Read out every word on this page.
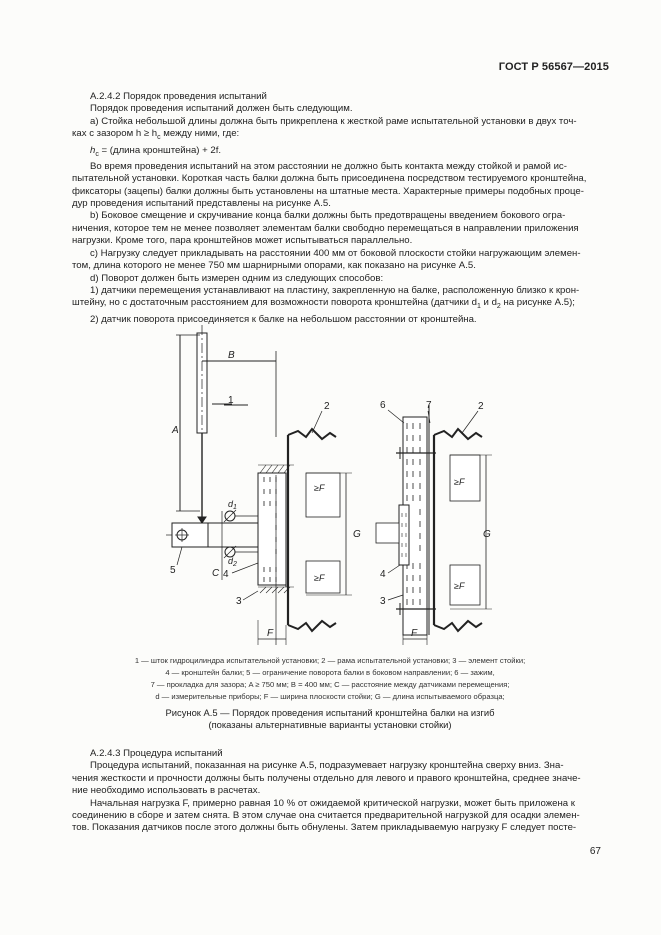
ГОСТ Р 56567—2015

А.2.4.2 Порядок проведения испытаний

Порядок проведения испытаний должен быть следующим.

а) Стойка небольшой длины должна быть прикреплена к жесткой раме испытательной установки в двух точ-

ках с зазором $h \ge h_c$ между ними, где:

$h_c$ = (длина кронштейна) + 2f.

Во время проведения испытаний на этом расстоянии не должно быть контакта между стойкой и рамой ис-

пытательной установки. Короткая часть балки должна быть присоединена посредством тестируемого кронштейна,

фиксаторы (зацепы) балки должны быть установлены на штатные места. Характерные примеры подобных проце-

дур проведения испытаний представлены на рисунке А.5.

b) Боковое смещение и скручивание конца балки должны быть предотвращены введением бокового огра-

ничения, которое тем не менее позволяет элементам балки свободно перемещаться в направлении приложения

нагрузки. Кроме того, пара кронштейнов может испытываться параллельно.

c) Нагрузку следует прикладывать на расстоянии 400 мм от боковой плоскости стойки нагружающим элемен-

том, длина которого не менее 750 мм шарнирными опорами, как показано на рисунке А.5.

d) Поворот должен быть измерен одним из следующих способов:

1) датчики перемещения устанавливают на пластину, закрепленную на балке, расположенную близко к крон-

штейну, но с достаточным расстоянием для возможности поворота кронштейна (датчики $d_1$ и $d_2$ на рисунке А.5);

2) датчик поворота присоединяется к балке на небольшом расстоянии от кронштейна.

1
B
A
5
$d_1$
$d_2$
C 4
3
2
≥F
≥F
G
F
6	7
4
3
2
≥F
≥F
G
F
1 — шток гидроцилиндра испытательной установки; 2 — рама испытательной установки; 3 — элемент стойки;
4 — кронштейн балки; 5 — ограничение поворота балки в боковом направлении; 6 — зажим,
7 — прокладка для зазора; A ≥ 750 мм; B = 400 мм; C — расстояние между датчиками перемещения;
d — измерительные приборы; F — ширина плоскости стойки; G — длина испытываемого образца;
Рисунок А.5 — Порядок проведения испытаний кронштейна балки на изгиб
(показаны альтернативные варианты установки стойки)

А.2.4.3 Процедура испытаний

Процедура испытаний, показанная на рисунке А.5, подразумевает нагрузку кронштейна сверху вниз. Зна-

чения жесткости и прочности должны быть получены отдельно для левого и правого кронштейна, среднее значе-

ние необходимо использовать в расчетах.

Начальная нагрузка F, примерно равная 10 % от ожидаемой критической нагрузки, может быть приложена к

соединению в сборе и затем снята. В этом случае она считается предварительной нагрузкой для осадки элемен-

тов. Показания датчиков после этого должны быть обнулены. Затем прикладываемую нагрузку F следует посте-

67
